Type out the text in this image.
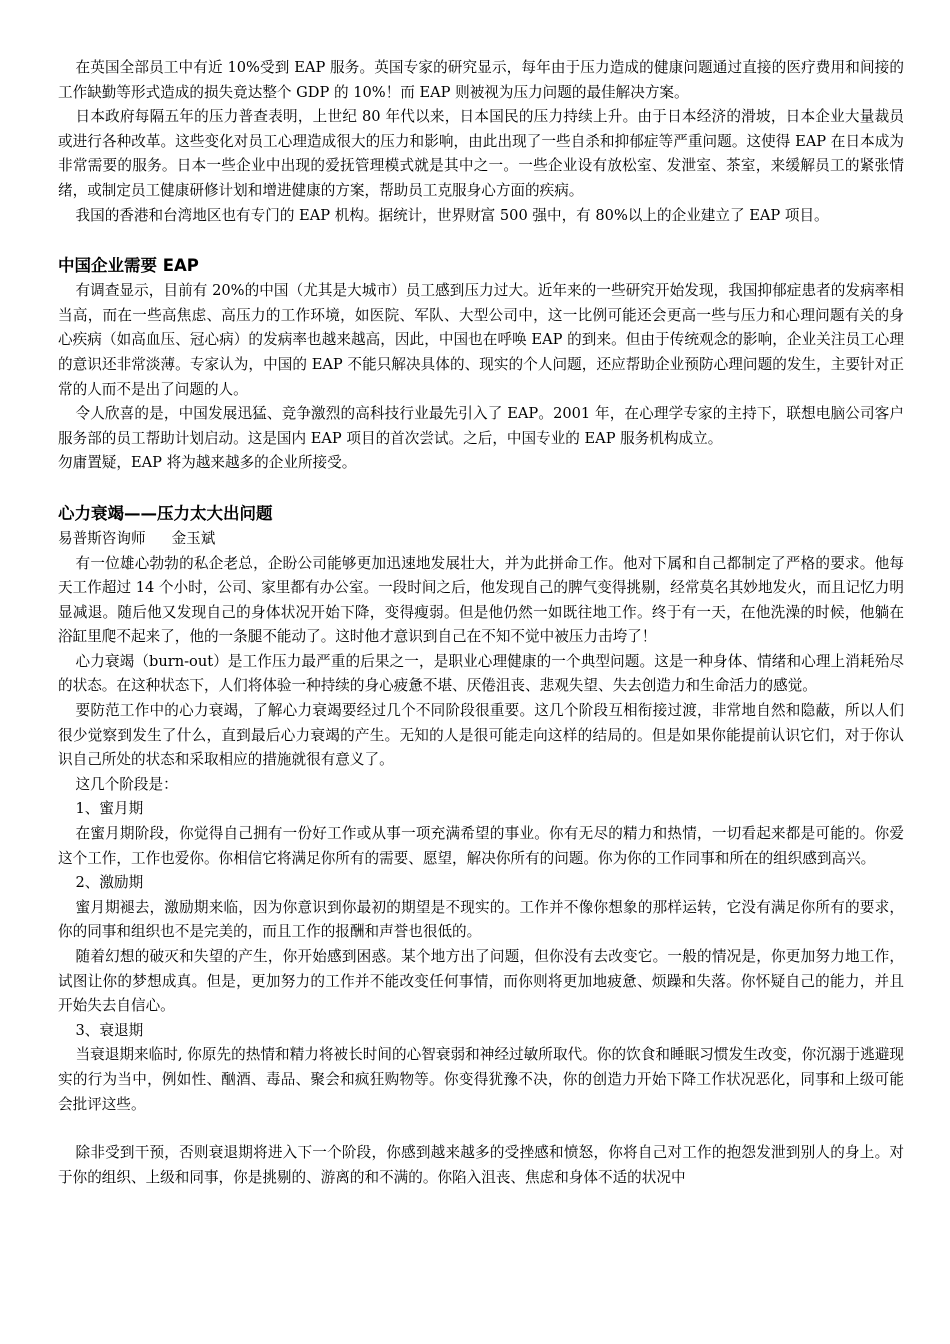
在英国全部员工中有近 10%受到 EAP 服务。英国专家的研究显示，每年由于压力造成的健康问题通过直接的医疗费用和间接的工作缺勤等形式造成的损失竟达整个 GDP 的 10%！而 EAP 则被视为压力问题的最佳解决方案。

日本政府每隔五年的压力普查表明，上世纪 80 年代以来，日本国民的压力持续上升。由于日本经济的滑坡，日本企业大量裁员或进行各种改革。这些变化对员工心理造成很大的压力和影响，由此出现了一些自杀和抑郁症等严重问题。这使得 EAP 在日本成为非常需要的服务。日本一些企业中出现的爱抚管理模式就是其中之一。一些企业设有放松室、发泄室、茶室，来缓解员工的紧张情绪，或制定员工健康研修计划和增进健康的方案，帮助员工克服身心方面的疾病。

我国的香港和台湾地区也有专门的 EAP 机构。据统计，世界财富 500 强中，有 80%以上的企业建立了 EAP 项目。

中国企业需要 EAP

有调查显示，目前有 20%的中国（尤其是大城市）员工感到压力过大。近年来的一些研究开始发现，我国抑郁症患者的发病率相当高，而在一些高焦虑、高压力的工作环境，如医院、军队、大型公司中，这一比例可能还会更高一些与压力和心理问题有关的身心疾病（如高血压、冠心病）的发病率也越来越高，因此，中国也在呼唤 EAP 的到来。但由于传统观念的影响，企业关注员工心理的意识还非常淡薄。专家认为，中国的 EAP 不能只解决具体的、现实的个人问题，还应帮助企业预防心理问题的发生，主要针对正常的人而不是出了问题的人。

令人欣喜的是，中国发展迅猛、竞争激烈的高科技行业最先引入了 EAP。2001 年，在心理学专家的主持下，联想电脑公司客户服务部的员工帮助计划启动。这是国内 EAP 项目的首次尝试。之后，中国专业的 EAP 服务机构成立。

勿庸置疑，EAP 将为越来越多的企业所接受。

心力衰竭——压力太大出问题

易普斯咨询师 金玉斌

有一位雄心勃勃的私企老总，企盼公司能够更加迅速地发展壮大，并为此拼命工作。他对下属和自己都制定了严格的要求。他每天工作超过 14 个小时，公司、家里都有办公室。一段时间之后，他发现自己的脾气变得挑剔，经常莫名其妙地发火，而且记忆力明显减退。随后他又发现自己的身体状况开始下降，变得瘦弱。但是他仍然一如既往地工作。终于有一天，在他洗澡的时候，他躺在浴缸里爬不起来了，他的一条腿不能动了。这时他才意识到自己在不知不觉中被压力击垮了！

心力衰竭（burn-out）是工作压力最严重的后果之一，是职业心理健康的一个典型问题。这是一种身体、情绪和心理上消耗殆尽的状态。在这种状态下，人们将体验一种持续的身心疲惫不堪、厌倦沮丧、悲观失望、失去创造力和生命活力的感觉。

要防范工作中的心力衰竭，了解心力衰竭要经过几个不同阶段很重要。这几个阶段互相衔接过渡，非常地自然和隐蔽，所以人们很少觉察到发生了什么，直到最后心力衰竭的产生。无知的人是很可能走向这样的结局的。但是如果你能提前认识它们，对于你认识自己所处的状态和采取相应的措施就很有意义了。

这几个阶段是：

1、蜜月期

在蜜月期阶段，你觉得自己拥有一份好工作或从事一项充满希望的事业。你有无尽的精力和热情，一切看起来都是可能的。你爱这个工作，工作也爱你。你相信它将满足你所有的需要、愿望，解决你所有的问题。你为你的工作同事和所在的组织感到高兴。

2、激励期

蜜月期褪去，激励期来临，因为你意识到你最初的期望是不现实的。工作并不像你想象的那样运转，它没有满足你所有的要求，你的同事和组织也不是完美的，而且工作的报酬和声誉也很低的。

随着幻想的破灭和失望的产生，你开始感到困惑。某个地方出了问题，但你没有去改变它。一般的情况是，你更加努力地工作，试图让你的梦想成真。但是，更加努力的工作并不能改变任何事情，而你则将更加地疲惫、烦躁和失落。你怀疑自己的能力，并且开始失去自信心。

3、衰退期

当衰退期来临时, 你原先的热情和精力将被长时间的心智衰弱和神经过敏所取代。你的饮食和睡眠习惯发生改变，你沉溺于逃避现实的行为当中，例如性、酗酒、毒品、聚会和疯狂购物等。你变得犹豫不决，你的创造力开始下降工作状况恶化，同事和上级可能会批评这些。

除非受到干预，否则衰退期将进入下一个阶段，你感到越来越多的受挫感和愤怒，你将自己对工作的抱怨发泄到别人的身上。对于你的组织、上级和同事，你是挑剔的、游离的和不满的。你陷入沮丧、焦虑和身体不适的状况中
